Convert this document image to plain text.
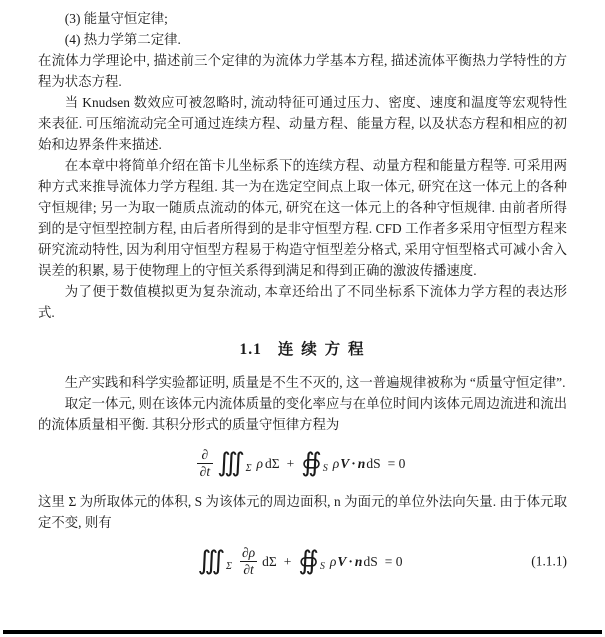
(3) 能量守恒定律;

(4) 热力学第二定律.

在流体力学理论中, 描述前三个定律的为流体力学基本方程, 描述流体平衡热力学特性的方程为状态方程.

当 Knudsen 数效应可被忽略时, 流动特征可通过压力、密度、速度和温度等宏观特性来表征. 可压缩流动完全可通过连续方程、动量方程、能量方程, 以及状态方程和相应的初始和边界条件来描述.

在本章中将简单介绍在笛卡儿坐标系下的连续方程、动量方程和能量方程等. 可采用两种方式来推导流体力学方程组. 其一为在选定空间点上取一体元, 研究在这一体元上的各种守恒规律; 另一为取一随质点流动的体元, 研究在这一体元上的各种守恒规律. 由前者所得到的是守恒型控制方程, 由后者所得到的是非守恒型方程. CFD 工作者多采用守恒型方程来研究流动特性, 因为利用守恒型方程易于构造守恒型差分格式, 采用守恒型格式可减小舍入误差的积累, 易于使物理上的守恒关系得到满足和得到正确的激波传播速度.

为了便于数值模拟更为复杂流动, 本章还给出了不同坐标系下流体力学方程的表达形式.

1.1 连 续 方 程

生产实践和科学实验都证明, 质量是不生不灭的, 这一普遍规律被称为 “质量守恒定律”.

取定一体元, 则在该体元内流体质量的变化率应与在单位时间内该体元周边流进和流出的流体质量相平衡. 其积分形式的质量守恒律方程为

$\frac{\partial}{\partial t}$ ∭ Σ ρ dΣ + ∯ S ρ V · n dS = 0

这里 Σ 为所取体元的体积, S 为该体元的周边面积, n 为面元的单位外法向矢量. 由于体元取定不变, 则有

∭ Σ $\frac{\partial\rho}{\partial t}$ dΣ + ∯ S ρ V · n dS = 0	(1.1.1)
